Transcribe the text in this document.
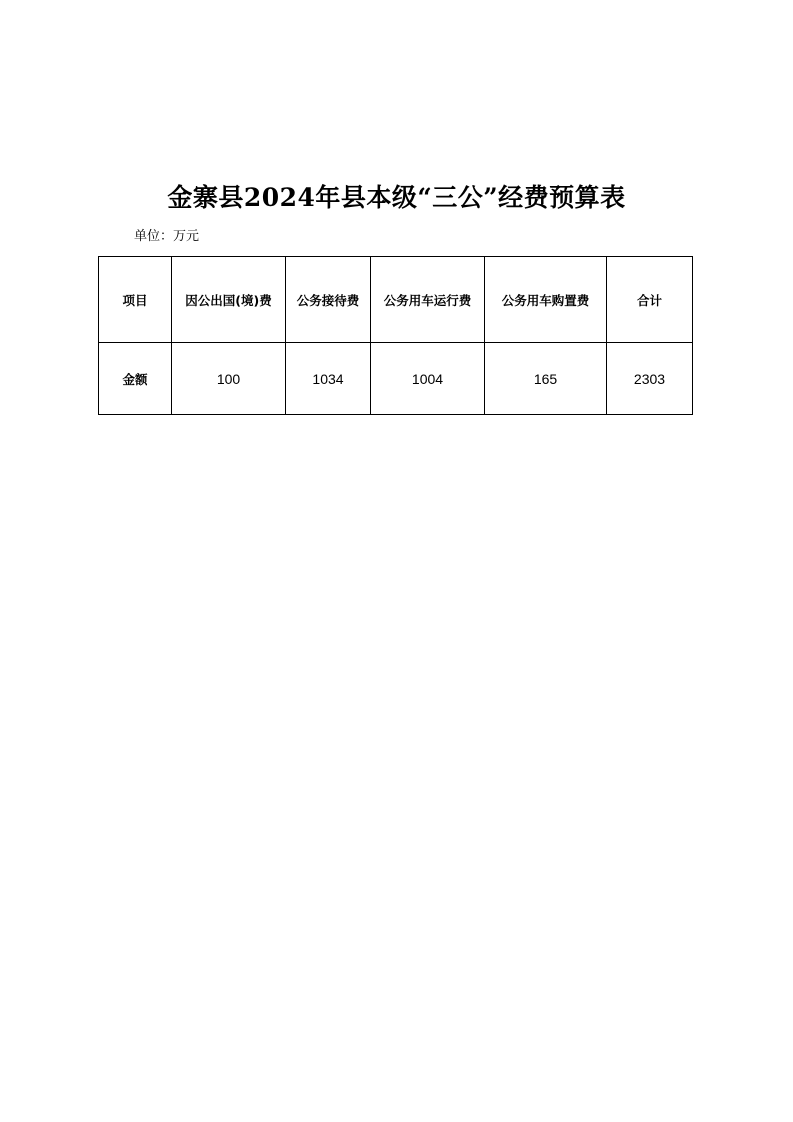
金寨县2024年县本级“三公”经费预算表
单位：万元
项目	因公出国(境)费	公务接待费	公务用车运行费	公务用车购置费	合计
金额	100	1034	1004	165	2303
